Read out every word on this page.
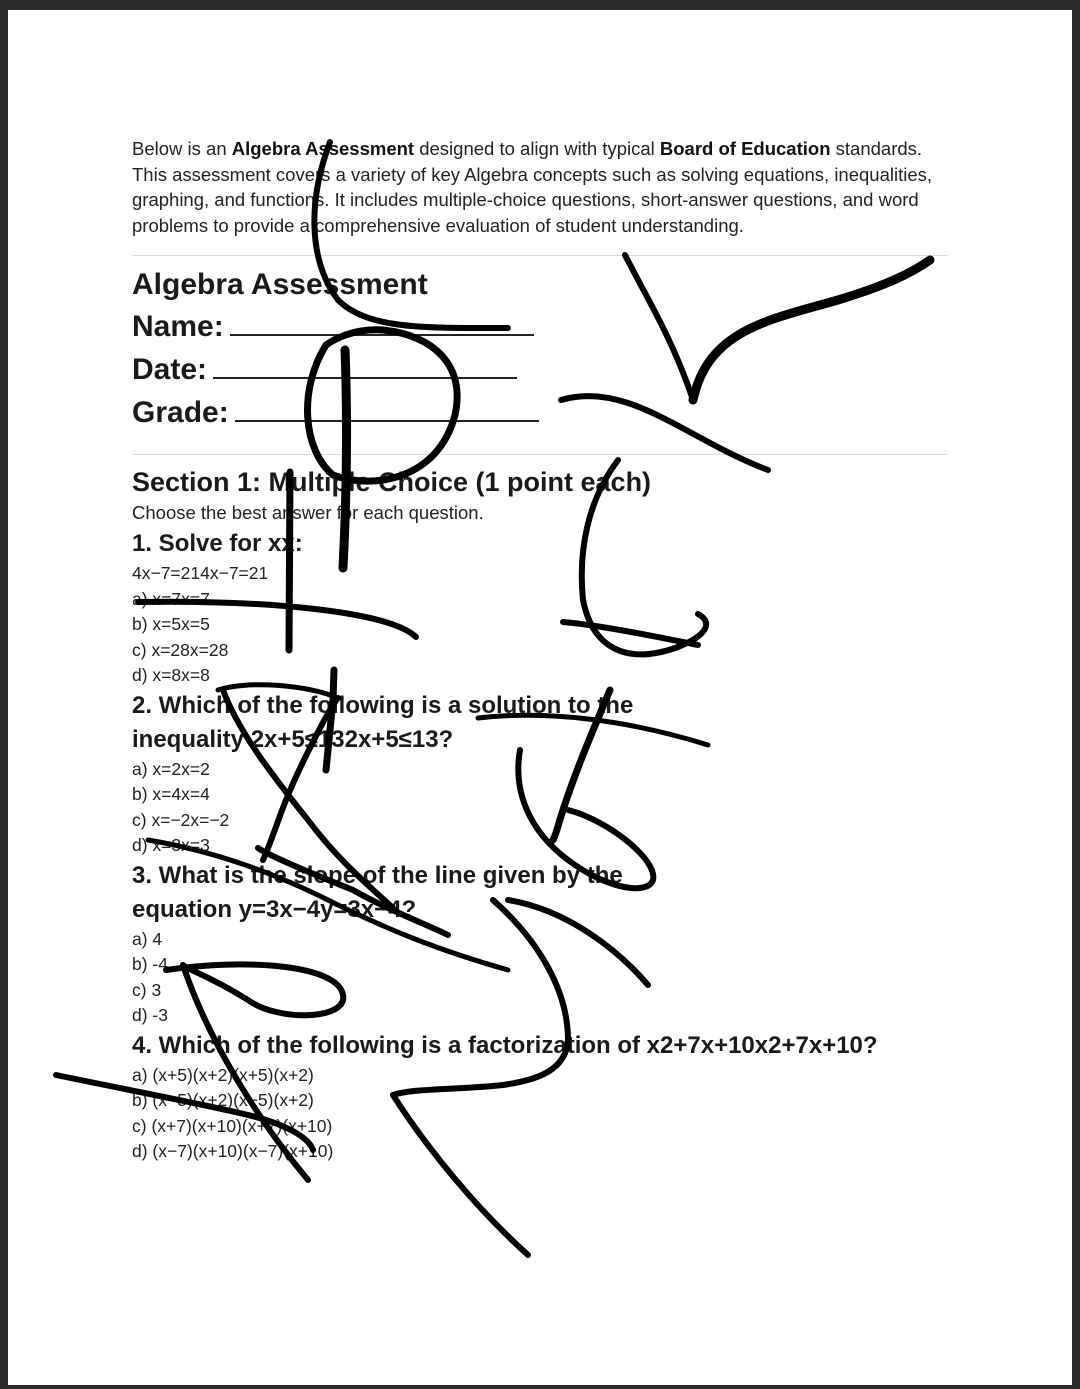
Below is an Algebra Assessment designed to align with typical Board of Education standards. This assessment covers a variety of key Algebra concepts such as solving equations, inequalities, graphing, and functions. It includes multiple-choice questions, short-answer questions, and word problems to provide a comprehensive evaluation of student understanding.

Algebra Assessment
Name:
Date:
Grade:
Section 1: Multiple Choice (1 point each)

Choose the best answer for each question.

1. Solve for xx:

4x−7=214x−7=21

a) x=7x=7

b) x=5x=5

c) x=28x=28

d) x=8x=8

2. Which of the following is a solution to the
inequality 2x+5≤132x+5≤13?

a) x=2x=2

b) x=4x=4

c) x=−2x=−2

d) x=3x=3

3. What is the slope of the line given by the
equation y=3x−4y=3x−4?

a) 4

b) -4

c) 3

d) -3

4. Which of the following is a factorization of x2+7x+10x2+7x+10?

a) (x+5)(x+2)(x+5)(x+2)

b) (x−5)(x+2)(x−5)(x+2)

c) (x+7)(x+10)(x+7)(x+10)

d) (x−7)(x+10)(x−7)(x+10)
